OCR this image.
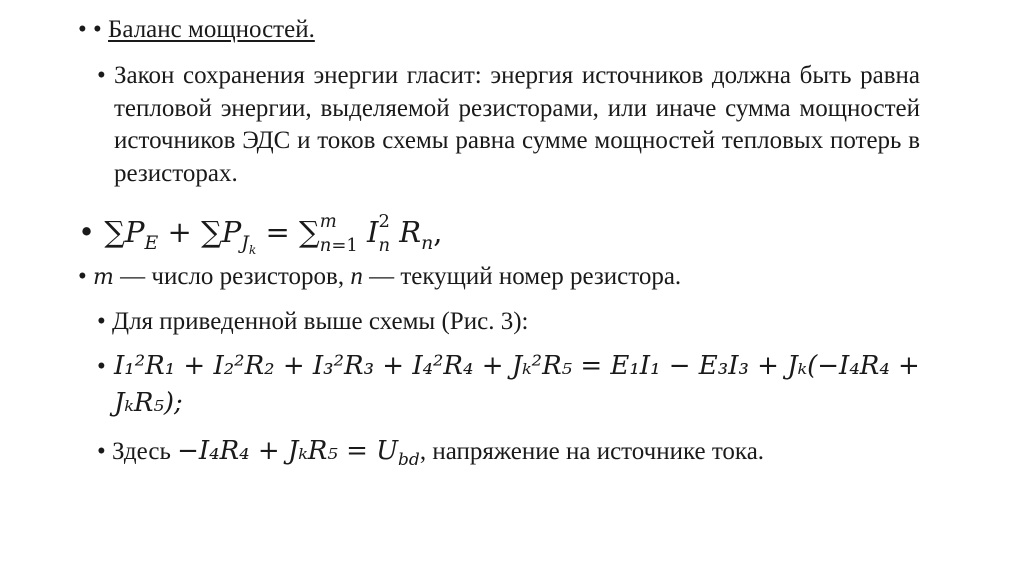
• • Баланс мощностей.
• Закон сохранения энергии гласит: энергия источников должна быть равна тепловой энергии, выделяемой резисторами, или иначе сумма мощностей источников ЭДС и токов схемы равна сумме мощностей тепловых потерь в резисторах.
• $\sum P_E + \sum P_{J_k}$ = ∑ m
n=1 I 2
n $R_n$,
• m — число резисторов, n — текущий номер резистора.
• Для приведенной выше схемы (Рис. 3):
• I₁²R₁ + I₂²R₂ + I₃²R₃ + I₄²R₄ + Jₖ²R₅ = E₁I₁ − E₃I₃ + Jₖ(−I₄R₄ +
JₖR₅);
• Здесь $-I_4R_4 + J_kR_5 = U_{bd}$, напряжение на источнике тока.
